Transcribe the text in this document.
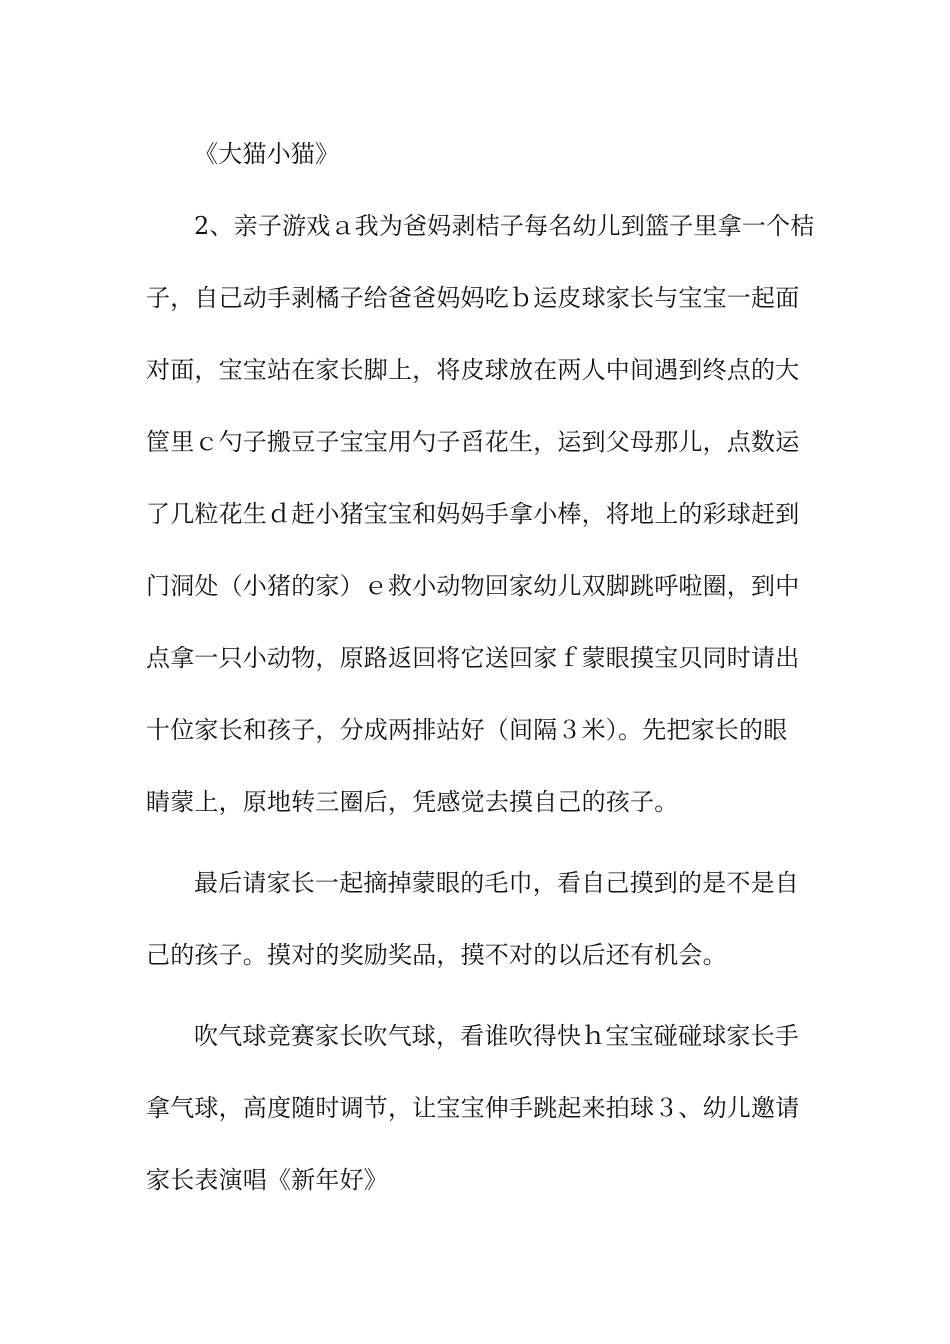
《大猫小猫》
2、亲子游戏ａ我为爸妈剥桔子每名幼儿到篮子里拿一个桔
子，自己动手剥橘子给爸爸妈妈吃ｂ运皮球家长与宝宝一起面
对面，宝宝站在家长脚上，将皮球放在两人中间遇到终点的大
筐里ｃ勺子搬豆子宝宝用勺子舀花生，运到父母那儿，点数运
了几粒花生ｄ赶小猪宝宝和妈妈手拿小棒，将地上的彩球赶到
门洞处（小猪的家）ｅ救小动物回家幼儿双脚跳呼啦圈，到中
点拿一只小动物，原路返回将它送回家ｆ蒙眼摸宝贝同时请出
十位家长和孩子，分成两排站好（间隔３米）。先把家长的眼
睛蒙上，原地转三圈后，凭感觉去摸自己的孩子。
最后请家长一起摘掉蒙眼的毛巾，看自己摸到的是不是自
己的孩子。摸对的奖励奖品，摸不对的以后还有机会。
吹气球竞赛家长吹气球，看谁吹得快ｈ宝宝碰碰球家长手
拿气球，高度随时调节，让宝宝伸手跳起来拍球３、幼儿邀请
家长表演唱《新年好》
